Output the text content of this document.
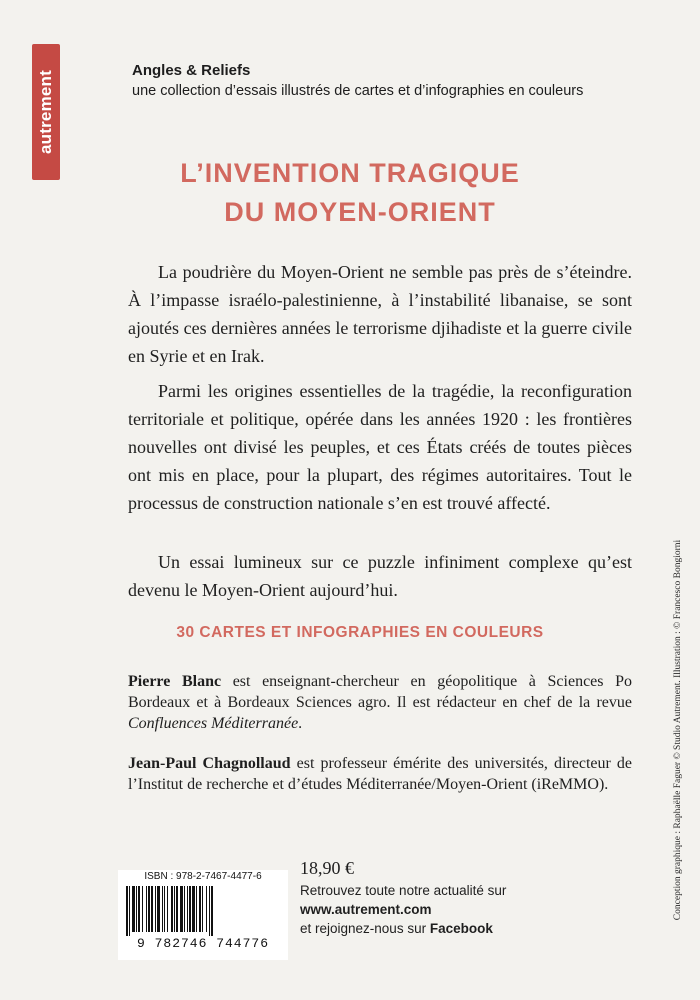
autrement	Angles & Reliefs
une collection d’essais illustrés de cartes et d’infographies en couleurs
L’INVENTION TRAGIQUE
DU MOYEN-ORIENT
La poudrière du Moyen-Orient ne semble pas près de s’éteindre. À l’impasse israélo-palestinienne, à l’instabilité libanaise, se sont ajoutés ces dernières années le terrorisme djihadiste et la guerre civile en Syrie et en Irak.
Parmi les origines essentielles de la tragédie, la reconfiguration territoriale et politique, opérée dans les années 1920 : les frontières nouvelles ont divisé les peuples, et ces États créés de toutes pièces ont mis en place, pour la plupart, des régimes autoritaires. Tout le processus de construction nationale s’en est trouvé affecté.
Un essai lumineux sur ce puzzle infiniment complexe qu’est devenu le Moyen-Orient aujourd’hui.
30 CARTES ET INFOGRAPHIES EN COULEURS
Pierre Blanc est enseignant-chercheur en géopolitique à Sciences Po Bordeaux et à Bordeaux Sciences agro. Il est rédacteur en chef de la revue Confluences Méditerranée.
Jean-Paul Chagnollaud est professeur émérite des universités, directeur de l’Institut de recherche et d’études Méditerranée/Moyen-Orient (iReMMO).	Conception graphique : Raphaëlle Faguer © Studio Autrement. Illustration : © Francesco Bongiorni
ISBN : 978-2-7467-4477-6
9 782746 744776
18,90 €
Retrouvez toute notre actualité sur
www.autrement.com
et rejoignez-nous sur Facebook
